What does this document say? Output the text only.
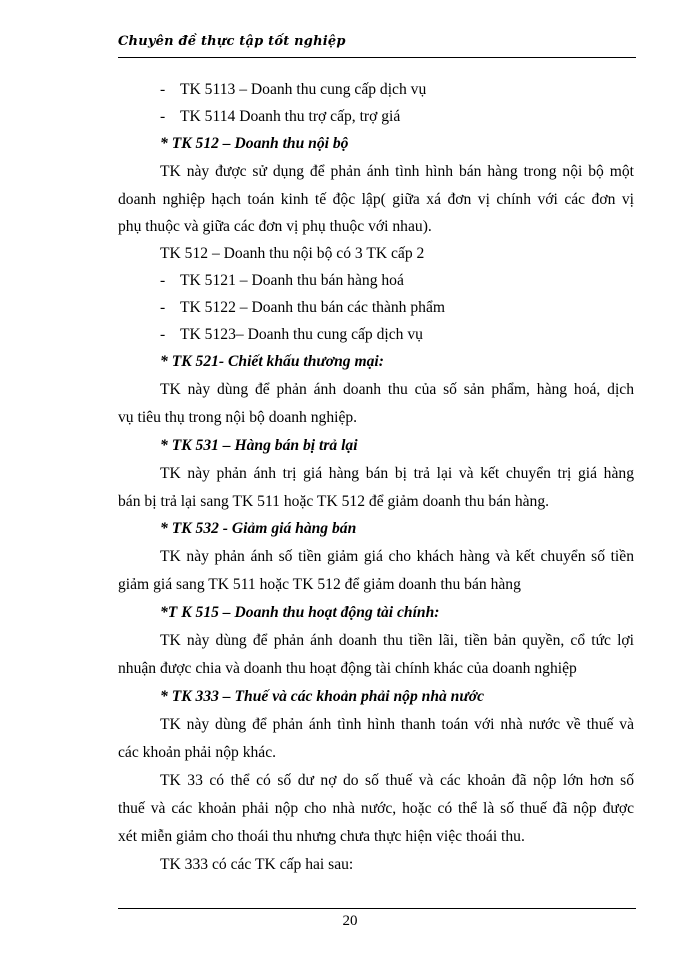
Chuyên đề thực tập tốt nghiệp
- TK 5113 – Doanh thu cung cấp dịch vụ
- TK 5114 Doanh thu trợ cấp, trợ giá
* TK 512 – Doanh thu nội bộ
TK này được sử dụng để phản ánh tình hình bán hàng trong nội bộ một
doanh nghiệp hạch toán kinh tế độc lập( giữa xá đơn vị chính với các đơn vị
phụ thuộc và giữa các đơn vị phụ thuộc với nhau).
TK 512 – Doanh thu nội bộ có 3 TK cấp 2
- TK 5121 – Doanh thu bán hàng hoá
- TK 5122 – Doanh thu bán các thành phẩm
- TK 5123– Doanh thu cung cấp dịch vụ
* TK 521- Chiết khấu thương mại:
TK này dùng để phản ánh doanh thu của số sản phẩm, hàng hoá, dịch
vụ tiêu thụ trong nội bộ doanh nghiệp.
* TK 531 – Hàng bán bị trả lại
TK này phản ánh trị giá hàng bán bị trả lại và kết chuyển trị giá hàng
bán bị trả lại sang TK 511 hoặc TK 512 để giảm doanh thu bán hàng.
* TK 532 - Giảm giá hàng bán
TK này phản ánh số tiền giảm giá cho khách hàng và kết chuyển số tiền
giảm giá sang TK 511 hoặc TK 512 để giảm doanh thu bán hàng
*T K 515 – Doanh thu hoạt động tài chính:
TK này dùng để phản ánh doanh thu tiền lãi, tiền bản quyền, cổ tức lợi
nhuận được chia và doanh thu hoạt động tài chính khác của doanh nghiệp
* TK 333 – Thuế và các khoản phải nộp nhà nước
TK này dùng để phản ánh tình hình thanh toán với nhà nước về thuế và
các khoản phải nộp khác.
TK 33 có thể có số dư nợ do số thuế và các khoản đã nộp lớn hơn số
thuế và các khoản phải nộp cho nhà nước, hoặc có thể là số thuế đã nộp được
xét miễn giảm cho thoái thu nhưng chưa thực hiện việc thoái thu.
TK 333 có các TK cấp hai sau:
20
